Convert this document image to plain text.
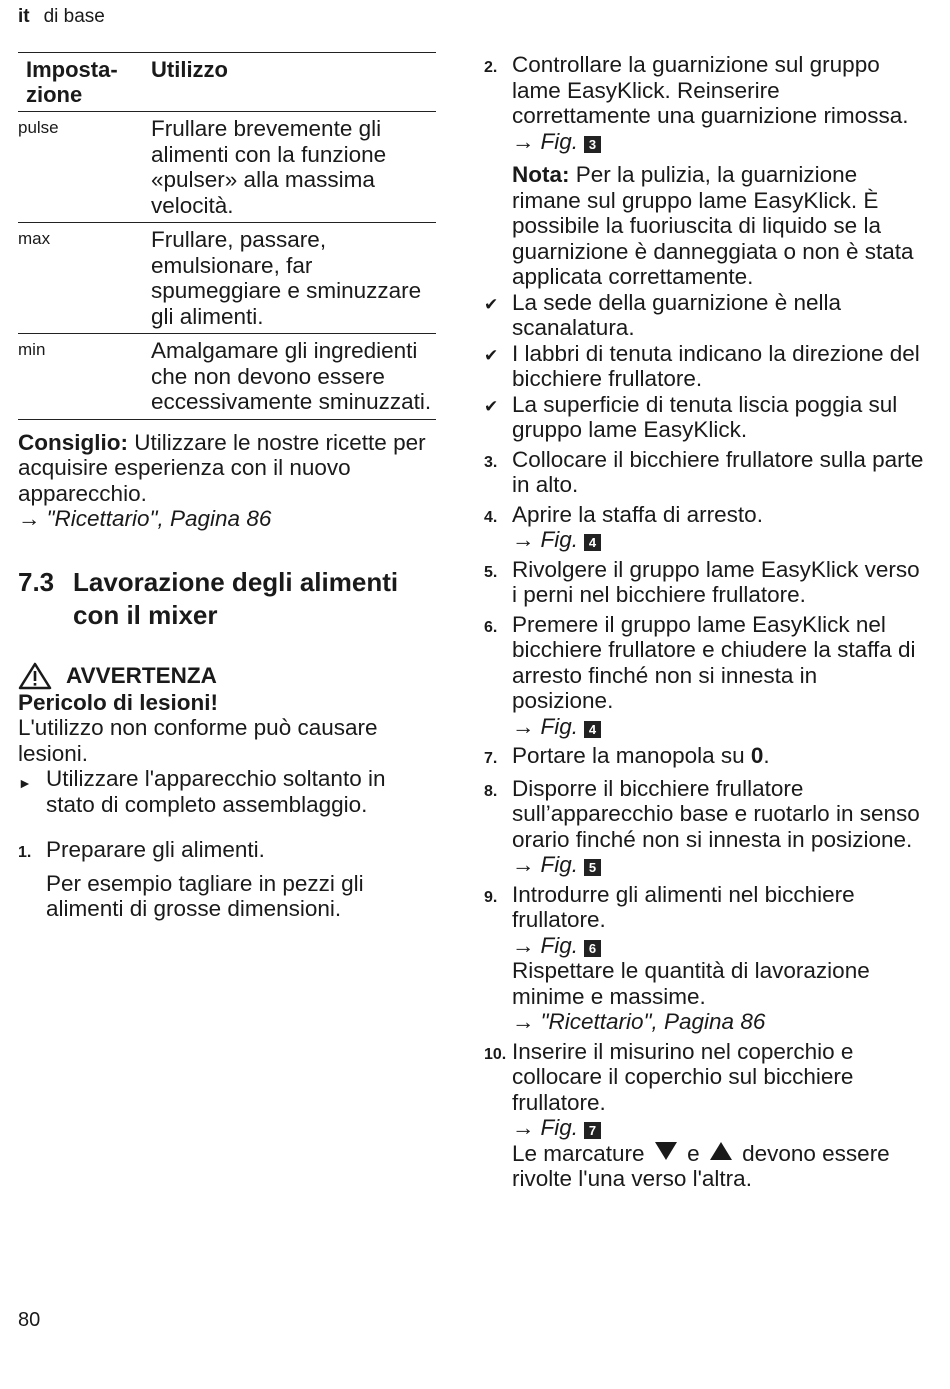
it di base
Imposta-
zione	Utilizzo
pulse	Frullare brevemente gli alimenti con la funzione «pulser» alla massima velocità.
max	Frullare, passare, emulsionare, far spumeggiare e sminuzzare gli alimenti.
min	Amalgamare gli ingredienti che non devono essere eccessivamente sminuzzati.
Consiglio: Utilizzare le nostre ricette per acquisire esperienza con il nuovo apparecchio.
→ "Ricettario", Pagina 86
7.3 Lavorazione degli alimenti con il mixer
AVVERTENZA
Pericolo di lesioni!
L'utilizzo non conforme può causare lesioni.
► Utilizzare l'apparecchio soltanto in stato di completo assemblaggio.
1. Preparare gli alimenti.
Per esempio tagliare in pezzi gli alimenti di grosse dimensioni.
2. Controllare la guarnizione sul gruppo lame EasyKlick. Reinserire correttamente una guarnizione rimossa.
→ Fig. 3
Nota: Per la pulizia, la guarnizione rimane sul gruppo lame EasyKlick. È possibile la fuoriuscita di liquido se la guarnizione è danneggiata o non è stata applicata correttamente.
✔ La sede della guarnizione è nella scanalatura.
✔ I labbri di tenuta indicano la direzione del bicchiere frullatore.
✔ La superficie di tenuta liscia poggia sul gruppo lame EasyKlick.
3. Collocare il bicchiere frullatore sulla parte in alto.
4. Aprire la staffa di arresto.
→ Fig. 4
5. Rivolgere il gruppo lame EasyKlick verso i perni nel bicchiere frullatore.
6. Premere il gruppo lame EasyKlick nel bicchiere frullatore e chiudere la staffa di arresto finché non si innesta in posizione.
→ Fig. 4
7. Portare la manopola su 0.
8. Disporre il bicchiere frullatore sull’apparecchio base e ruotarlo in senso orario finché non si innesta in posizione.
→ Fig. 5
9. Introdurre gli alimenti nel bicchiere frullatore.
→ Fig. 6
Rispettare le quantità di lavorazione minime e massime.
→ "Ricettario", Pagina 86
10. Inserire il misurino nel coperchio e collocare il coperchio sul bicchiere frullatore.
→ Fig. 7
Le marcature  e  devono essere rivolte l'una verso l'altra.
80
